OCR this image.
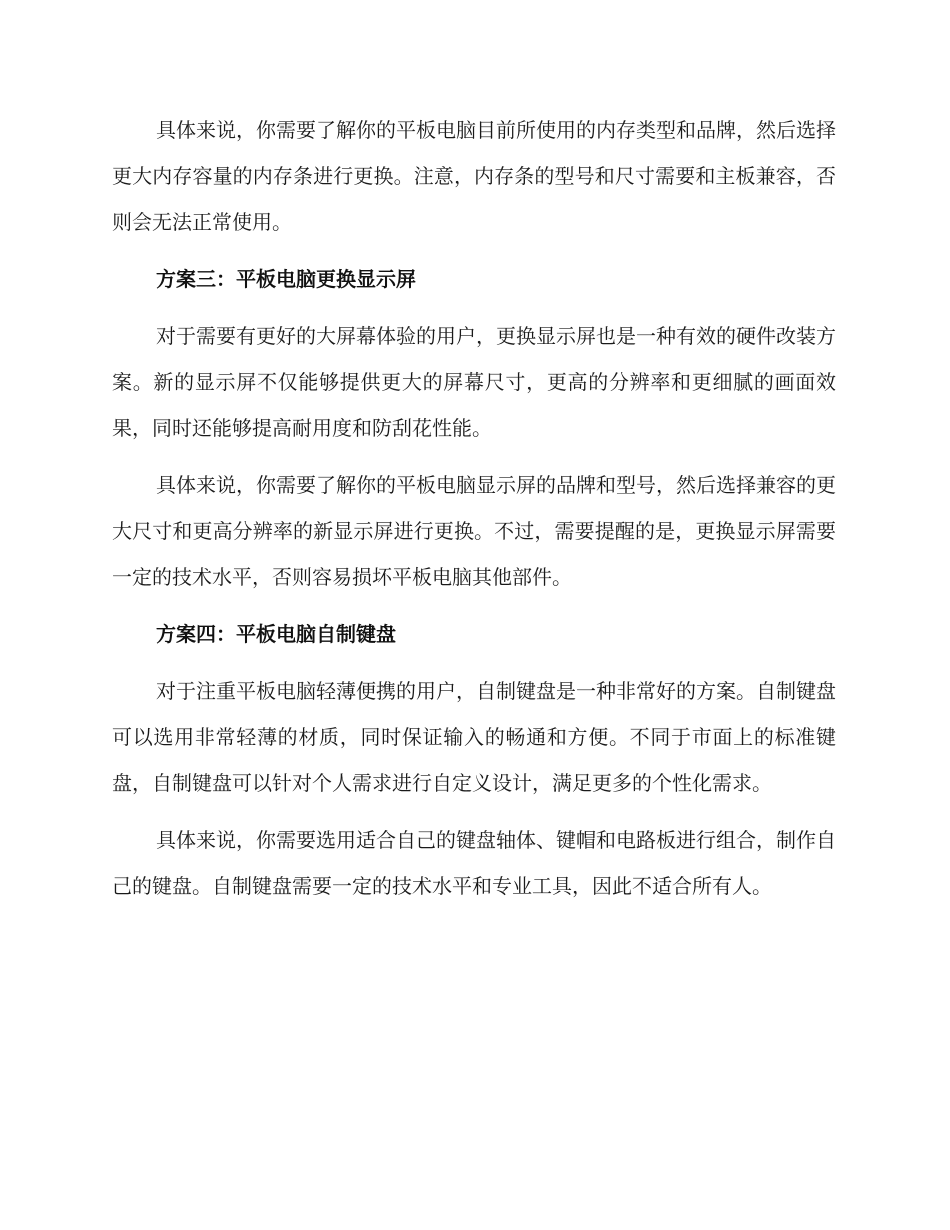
具体来说，你需要了解你的平板电脑目前所使用的内存类型和品牌，然后选择更大内存容量的内存条进行更换。注意，内存条的型号和尺寸需要和主板兼容，否则会无法正常使用。

方案三：平板电脑更换显示屏

对于需要有更好的大屏幕体验的用户，更换显示屏也是一种有效的硬件改装方案。新的显示屏不仅能够提供更大的屏幕尺寸，更高的分辨率和更细腻的画面效果，同时还能够提高耐用度和防刮花性能。

具体来说，你需要了解你的平板电脑显示屏的品牌和型号，然后选择兼容的更大尺寸和更高分辨率的新显示屏进行更换。不过，需要提醒的是，更换显示屏需要一定的技术水平，否则容易损坏平板电脑其他部件。

方案四：平板电脑自制键盘

对于注重平板电脑轻薄便携的用户，自制键盘是一种非常好的方案。自制键盘可以选用非常轻薄的材质，同时保证输入的畅通和方便。不同于市面上的标准键盘，自制键盘可以针对个人需求进行自定义设计，满足更多的个性化需求。

具体来说，你需要选用适合自己的键盘轴体、键帽和电路板进行组合，制作自己的键盘。自制键盘需要一定的技术水平和专业工具，因此不适合所有人。
